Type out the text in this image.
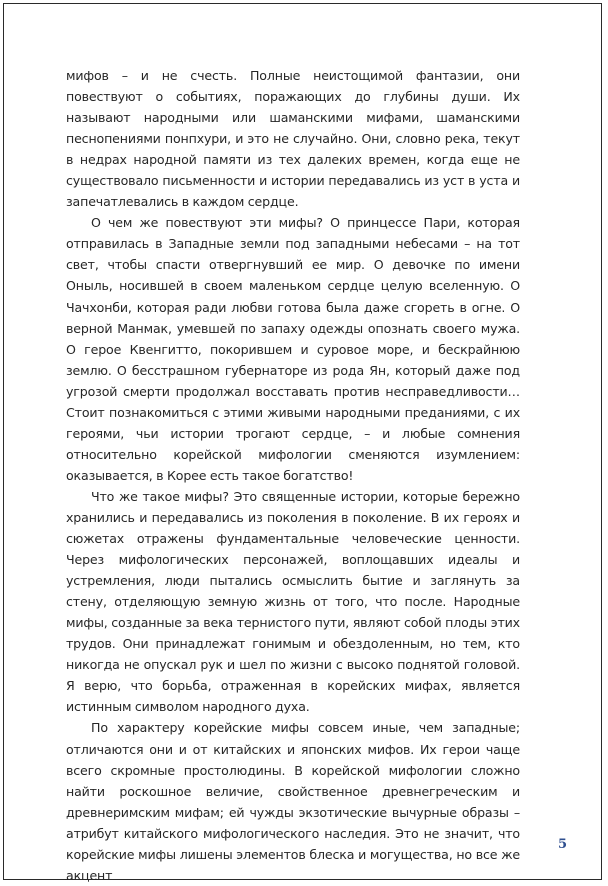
мифов – и не счесть. Полные неистощимой фантазии, они повествуют о событиях, поражающих до глубины души. Их называют народными или шаманскими мифами, шаманскими песнопениями понпхури, и это не случайно. Они, словно река, текут в недрах народной памяти из тех далеких времен, когда еще не существовало письменности и истории передавались из уст в уста и запечатлевались в каждом сердце.

О чем же повествуют эти мифы? О принцессе Пари, которая отправилась в Западные земли под западными небесами – на тот свет, чтобы спасти отвергнувший ее мир. О девочке по имени Оныль, носившей в своем маленьком сердце целую вселенную. О Чачхонби, которая ради любви готова была даже сгореть в огне. О верной Манмак, умевшей по запаху одежды опознать своего мужа. О герое Квенгитто, покорившем и суровое море, и бескрайнюю землю. О бесстрашном губернаторе из рода Ян, который даже под угрозой смерти продолжал восставать против несправедливости… Стоит познакомиться с этими живыми народными преданиями, с их героями, чьи истории трогают сердце, – и любые сомнения относительно корейской мифологии сменяются изумлением: оказывается, в Корее есть такое богатство!

Что же такое мифы? Это священные истории, которые бережно хранились и передавались из поколения в поколение. В их героях и сюжетах отражены фундаментальные человеческие ценности. Через мифологических персонажей, воплощавших идеалы и устремления, люди пытались осмыслить бытие и заглянуть за стену, отделяющую земную жизнь от того, что после. Народные мифы, созданные за века тернистого пути, являют собой плоды этих трудов. Они принадлежат гонимым и обездоленным, но тем, кто никогда не опускал рук и шел по жизни с высоко поднятой головой. Я верю, что борьба, отраженная в корейских мифах, является истинным символом народного духа.

По характеру корейские мифы совсем иные, чем западные; отличаются они и от китайских и японских мифов. Их герои чаще всего скромные простолюдины. В корейской мифологии сложно найти роскошное величие, свойственное древнегреческим и древнеримским мифам; ей чужды экзотические вычурные образы – атрибут китайского мифологического наследия. Это не значит, что корейские мифы лишены элементов блеска и могущества, но все же акцент

5
